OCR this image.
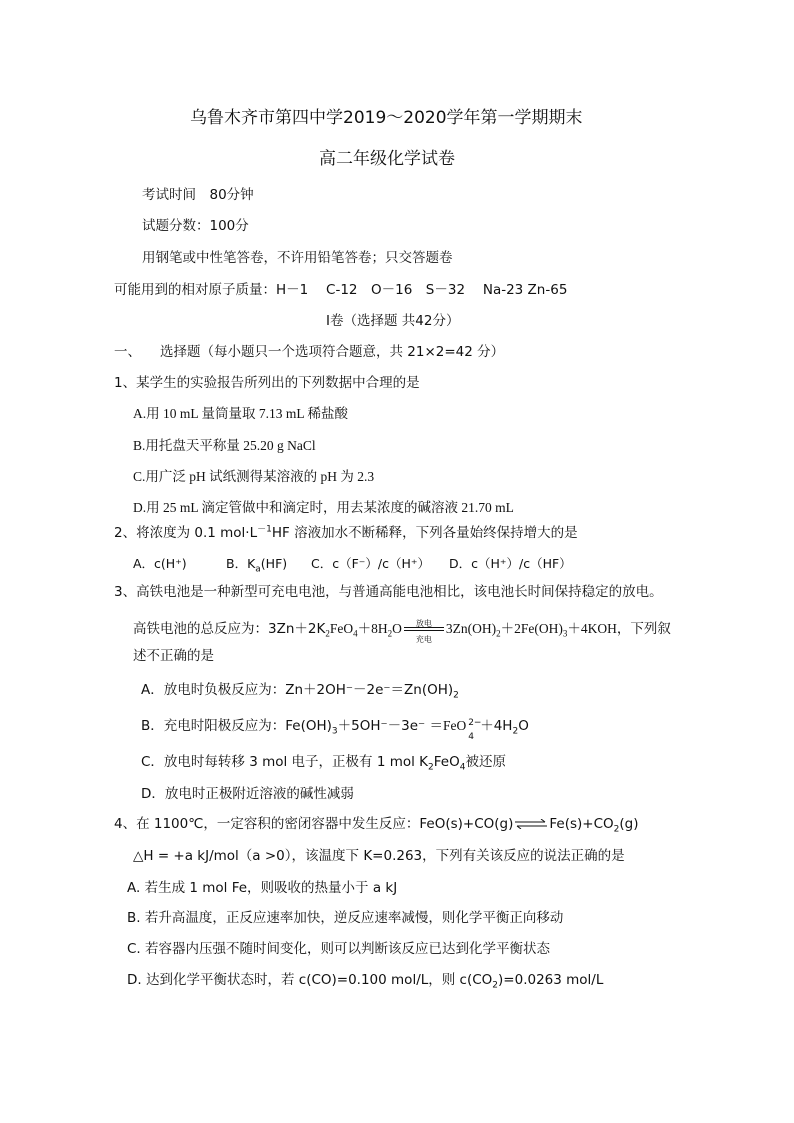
乌鲁木齐市第四中学2019～2020学年第一学期期末
高二年级化学试卷
考试时间　80分钟
试题分数：100分
用钢笔或中性笔答卷，不许用铅笔答卷；只交答题卷
可能用到的相对原子质量：H－1　 C-12　O－16　S－32　 Na-23 Zn-65
Ⅰ卷（选择题 共42分）
一、 选择题（每小题只一个选项符合题意，共 21×2=42 分）
1、某学生的实验报告所列出的下列数据中合理的是
A.用 10 mL 量筒量取 7.13 mL 稀盐酸
B.用托盘天平称量 25.20 g NaCl
C.用广泛 pH 试纸测得某溶液的 pH 为 2.3
D.用 25 mL 滴定管做中和滴定时，用去某浓度的碱溶液 21.70 mL
2、将浓度为 0.1 $mol\cdot L^{-1}HF$ 溶液加水不断稀释，下列各量始终保持增大的是
A．c(H⁺)	B．$K_a(HF)$ C．c（F⁻）/c（H⁺） D．c（H⁺）/c（HF）
3、高铁电池是一种新型可充电电池，与普通高能电池相比，该电池长时间保持稳定的放电。
高铁电池的总反应为：$3Zn+2K_2FeO_4+8H_2O$	放电
充电
$3Zn(OH)_2+2Fe(OH)_3+4KOH$，下列叙
述不正确的是
A．放电时负极反应为：$Zn+2OH^--2e^-=Zn(OH)_2$
B．充电时阳极反应为：$Fe(OH)_3+5OH^--3e^- =FeO$ 2−
4
$+4H_2O$
C．放电时每转移 3 mol 电子，正极有 1 mol $K_2FeO_4$被还原
D．放电时正极附近溶液的碱性减弱
4、在 1100℃，一定容积的密闭容器中发生反应：$FeO(s)+CO(g)\rightleftharpoons Fe(s)+CO_2(g)$
△H = +a kJ/mol（a >0），该温度下 K=0.263，下列有关该反应的说法正确的是
A. 若生成 1 mol Fe，则吸收的热量小于 a kJ
B. 若升高温度，正反应速率加快，逆反应速率减慢，则化学平衡正向移动
C. 若容器内压强不随时间变化，则可以判断该反应已达到化学平衡状态
D. 达到化学平衡状态时，若 c(CO)=0.100 mol/L，则 $c(CO_2)=0.0263$ mol/L
